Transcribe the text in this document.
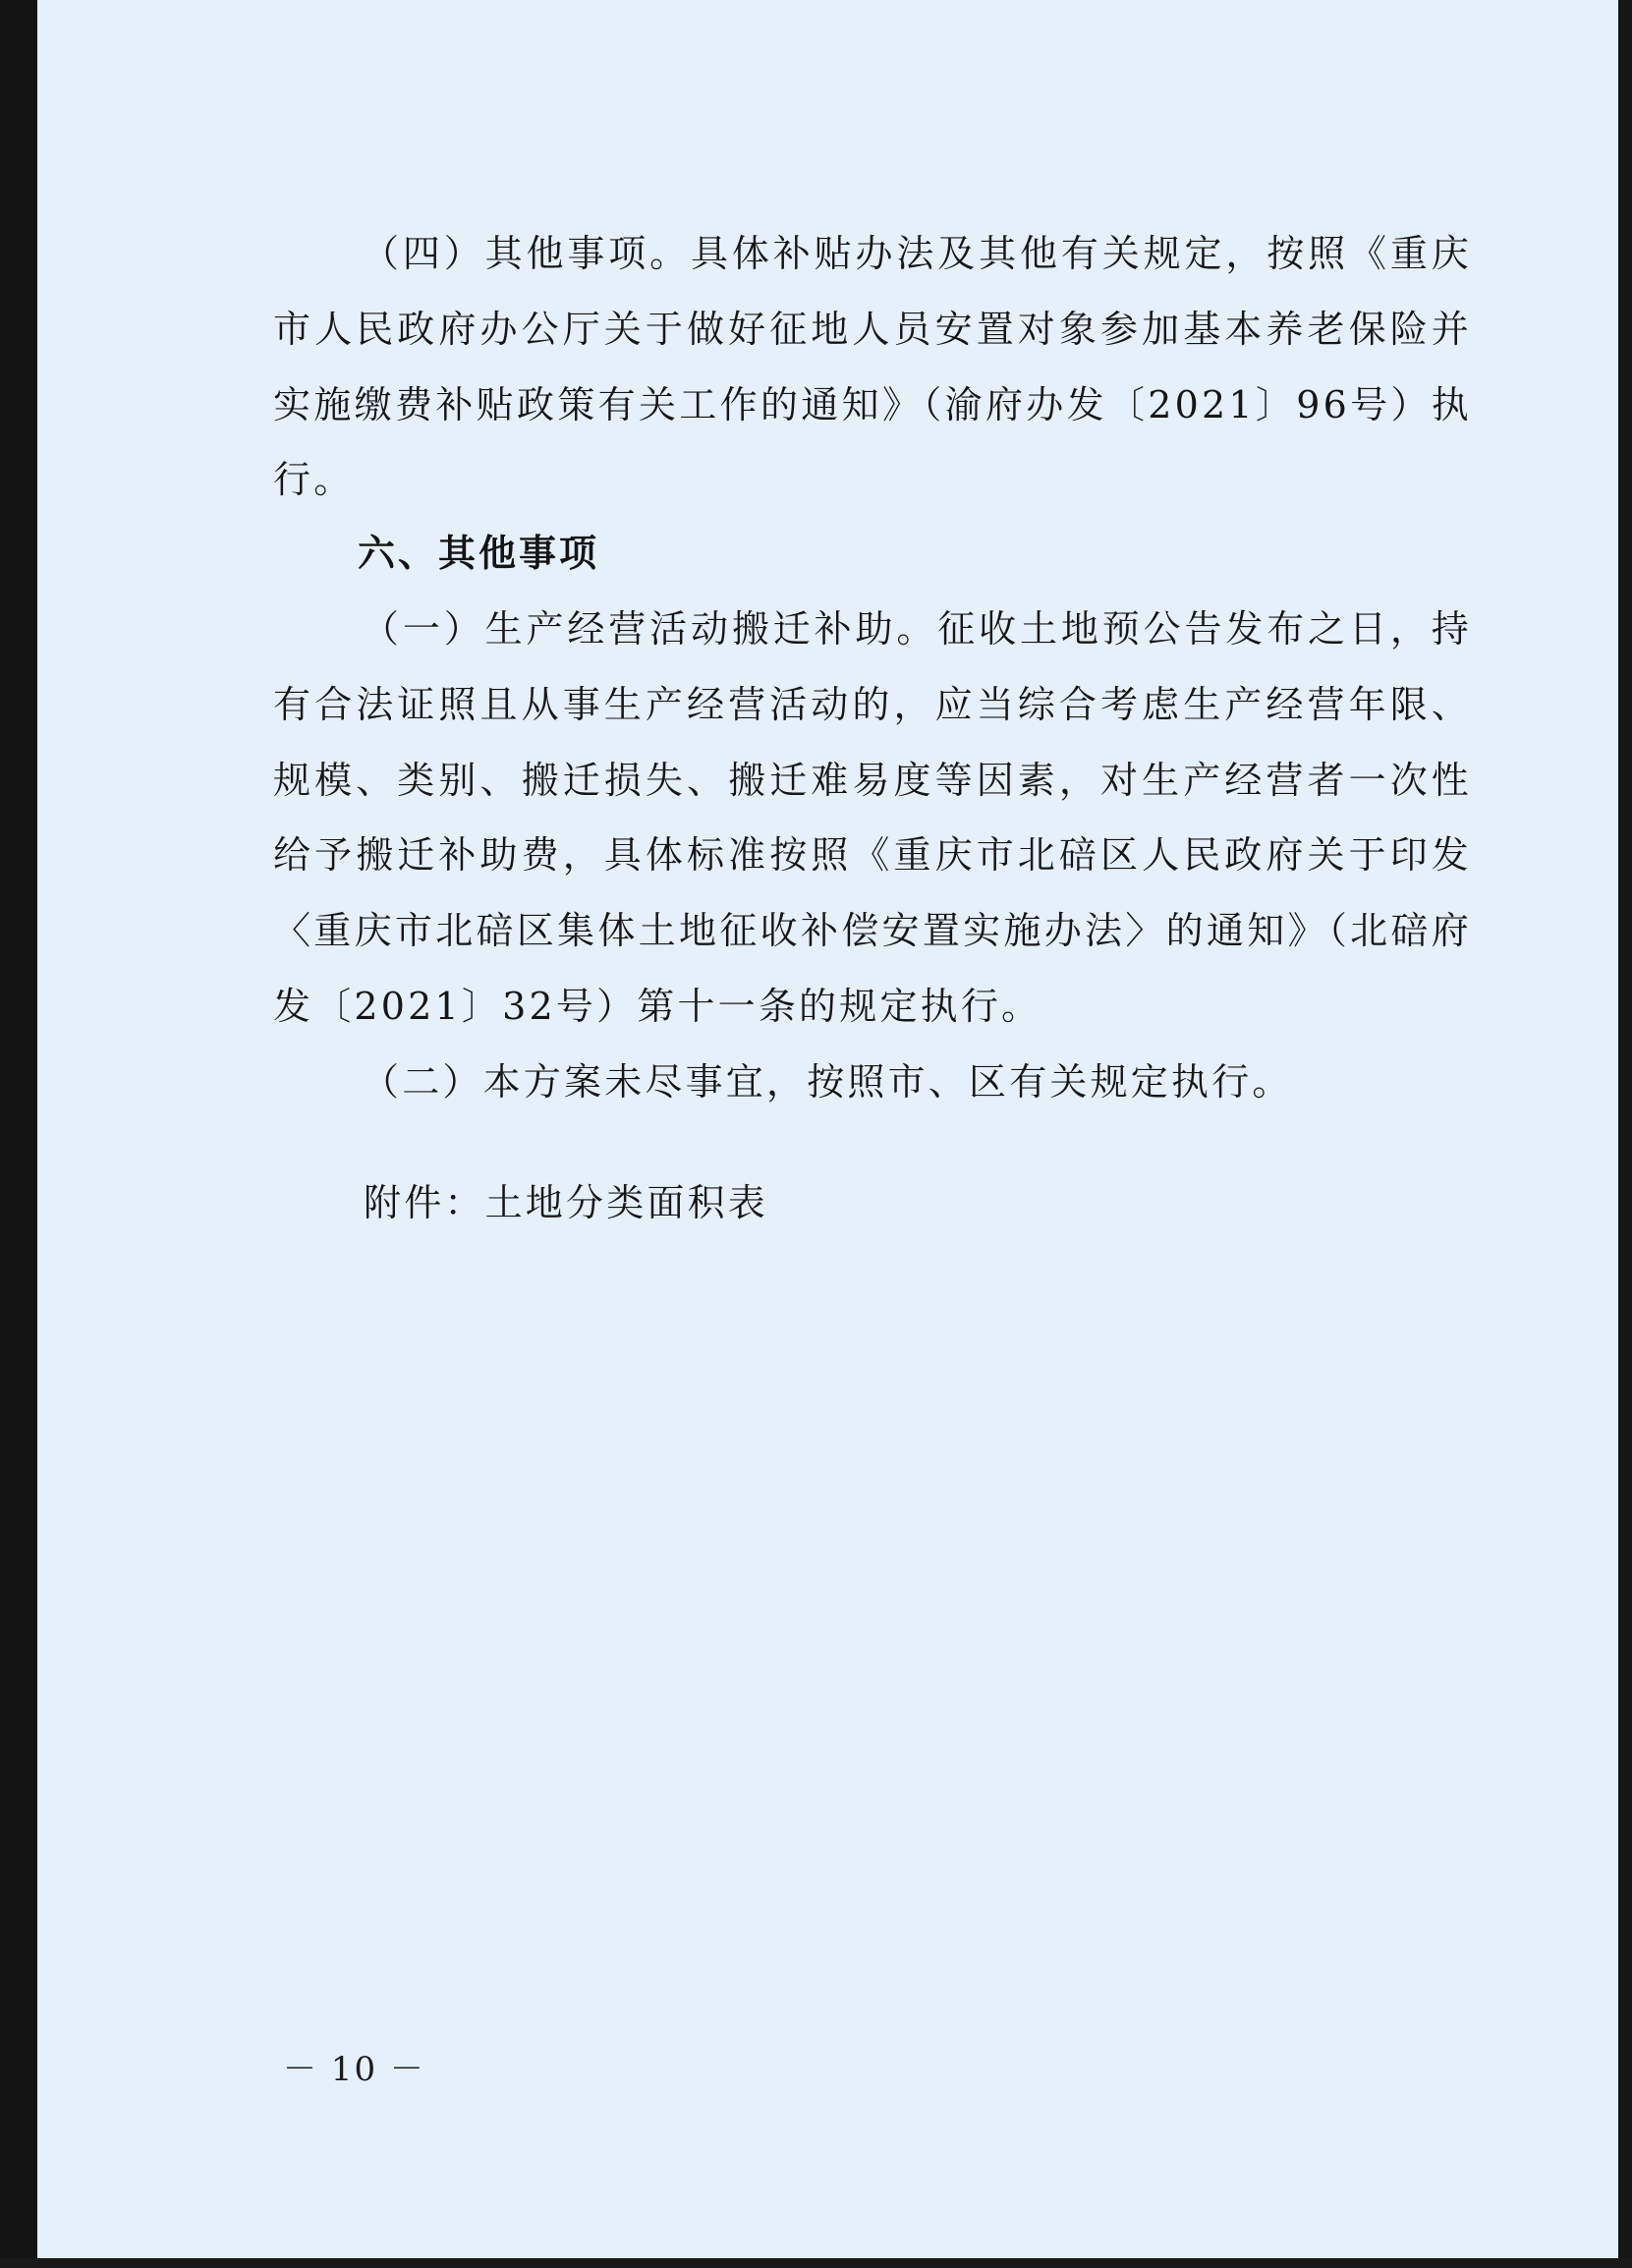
（四）其他事项。具体补贴办法及其他有关规定，按照《重庆市人民政府办公厅关于做好征地人员安置对象参加基本养老保险并实施缴费补贴政策有关工作的通知》（渝府办发〔2021〕96号）执行。

六、其他事项

（一）生产经营活动搬迁补助。征收土地预公告发布之日，持有合法证照且从事生产经营活动的，应当综合考虑生产经营年限、规模、类别、搬迁损失、搬迁难易度等因素，对生产经营者一次性给予搬迁补助费，具体标准按照《重庆市北碚区人民政府关于印发〈重庆市北碚区集体土地征收补偿安置实施办法〉的通知》（北碚府发〔2021〕32号）第十一条的规定执行。

（二）本方案未尽事宜，按照市、区有关规定执行。

附件：土地分类面积表

－ 10 －
